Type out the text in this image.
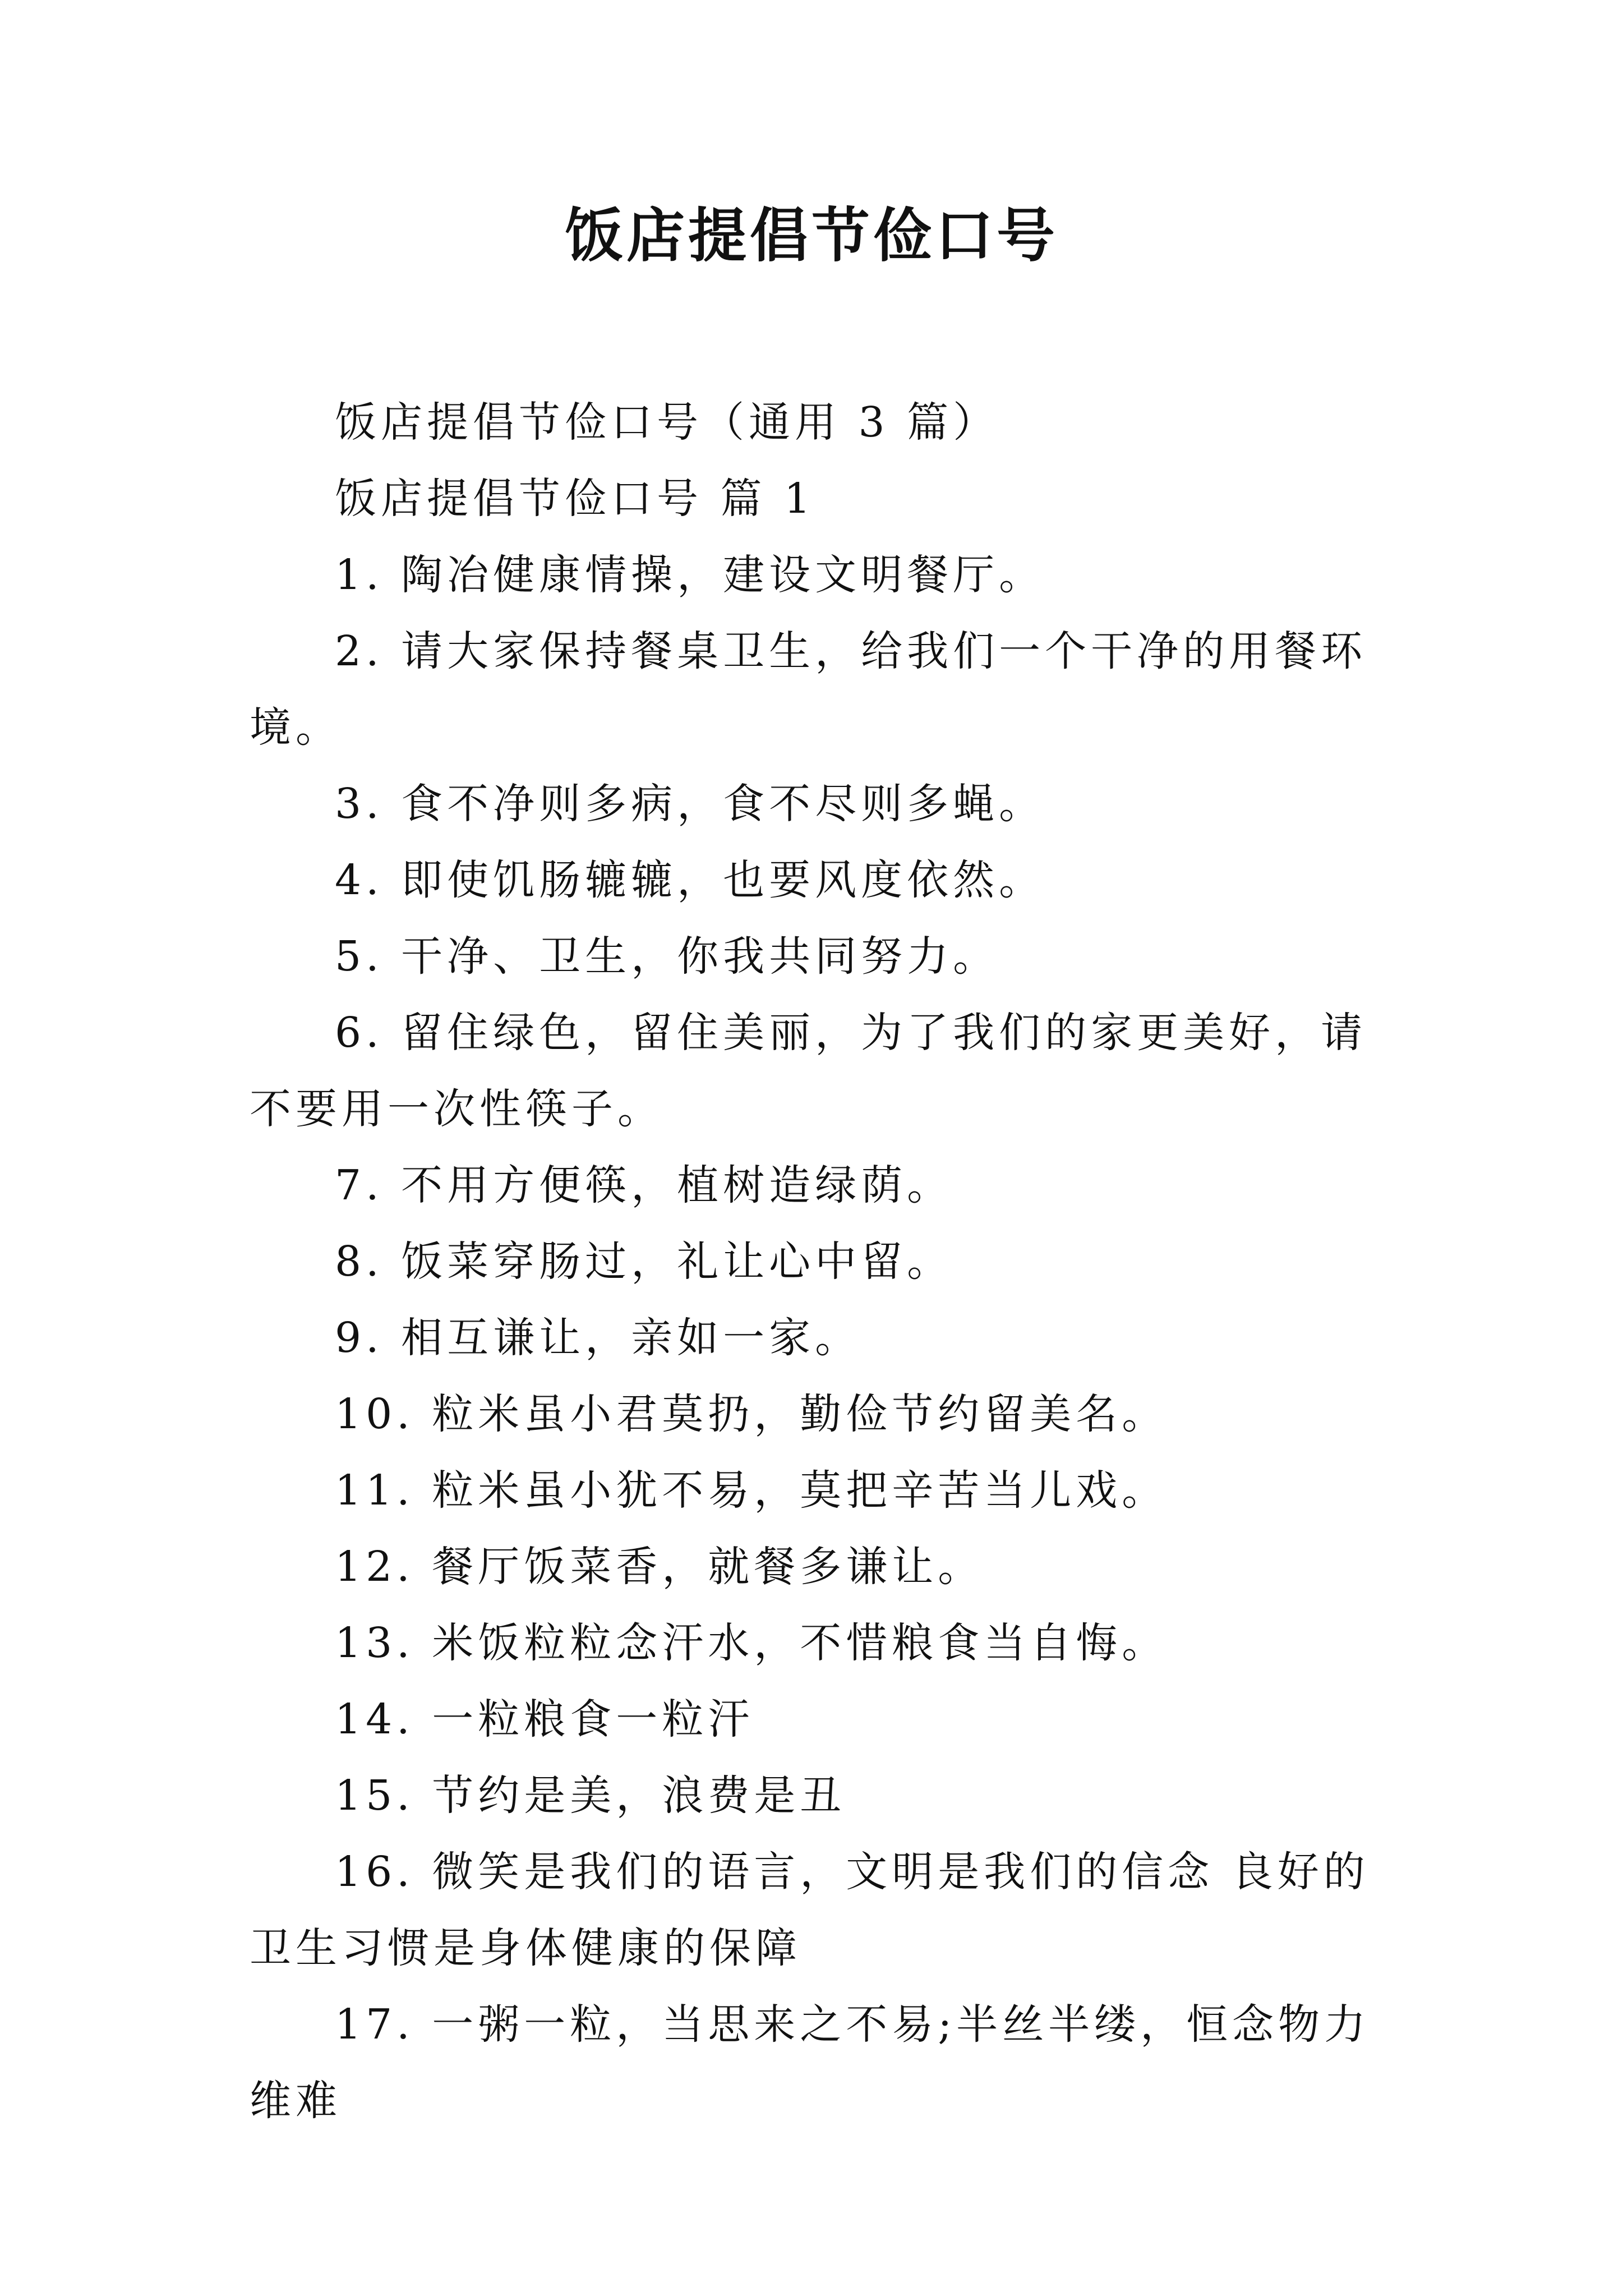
饭店提倡节俭口号

饭店提倡节俭口号（通用 3 篇）

饭店提倡节俭口号 篇 1

1. 陶冶健康情操，建设文明餐厅。

2. 请大家保持餐桌卫生，给我们一个干净的用餐环境。

3. 食不净则多病，食不尽则多蝇。

4. 即使饥肠辘辘，也要风度依然。

5. 干净、卫生，你我共同努力。

6. 留住绿色，留住美丽，为了我们的家更美好，请不要用一次性筷子。

7. 不用方便筷，植树造绿荫。

8. 饭菜穿肠过，礼让心中留。

9. 相互谦让，亲如一家。

10. 粒米虽小君莫扔，勤俭节约留美名。

11. 粒米虽小犹不易，莫把辛苦当儿戏。

12. 餐厅饭菜香，就餐多谦让。

13. 米饭粒粒念汗水，不惜粮食当自悔。

14. 一粒粮食一粒汗

15. 节约是美，浪费是丑

16. 微笑是我们的语言，文明是我们的信念 良好的卫生习惯是身体健康的保障

17. 一粥一粒，当思来之不易;半丝半缕，恒念物力维难
